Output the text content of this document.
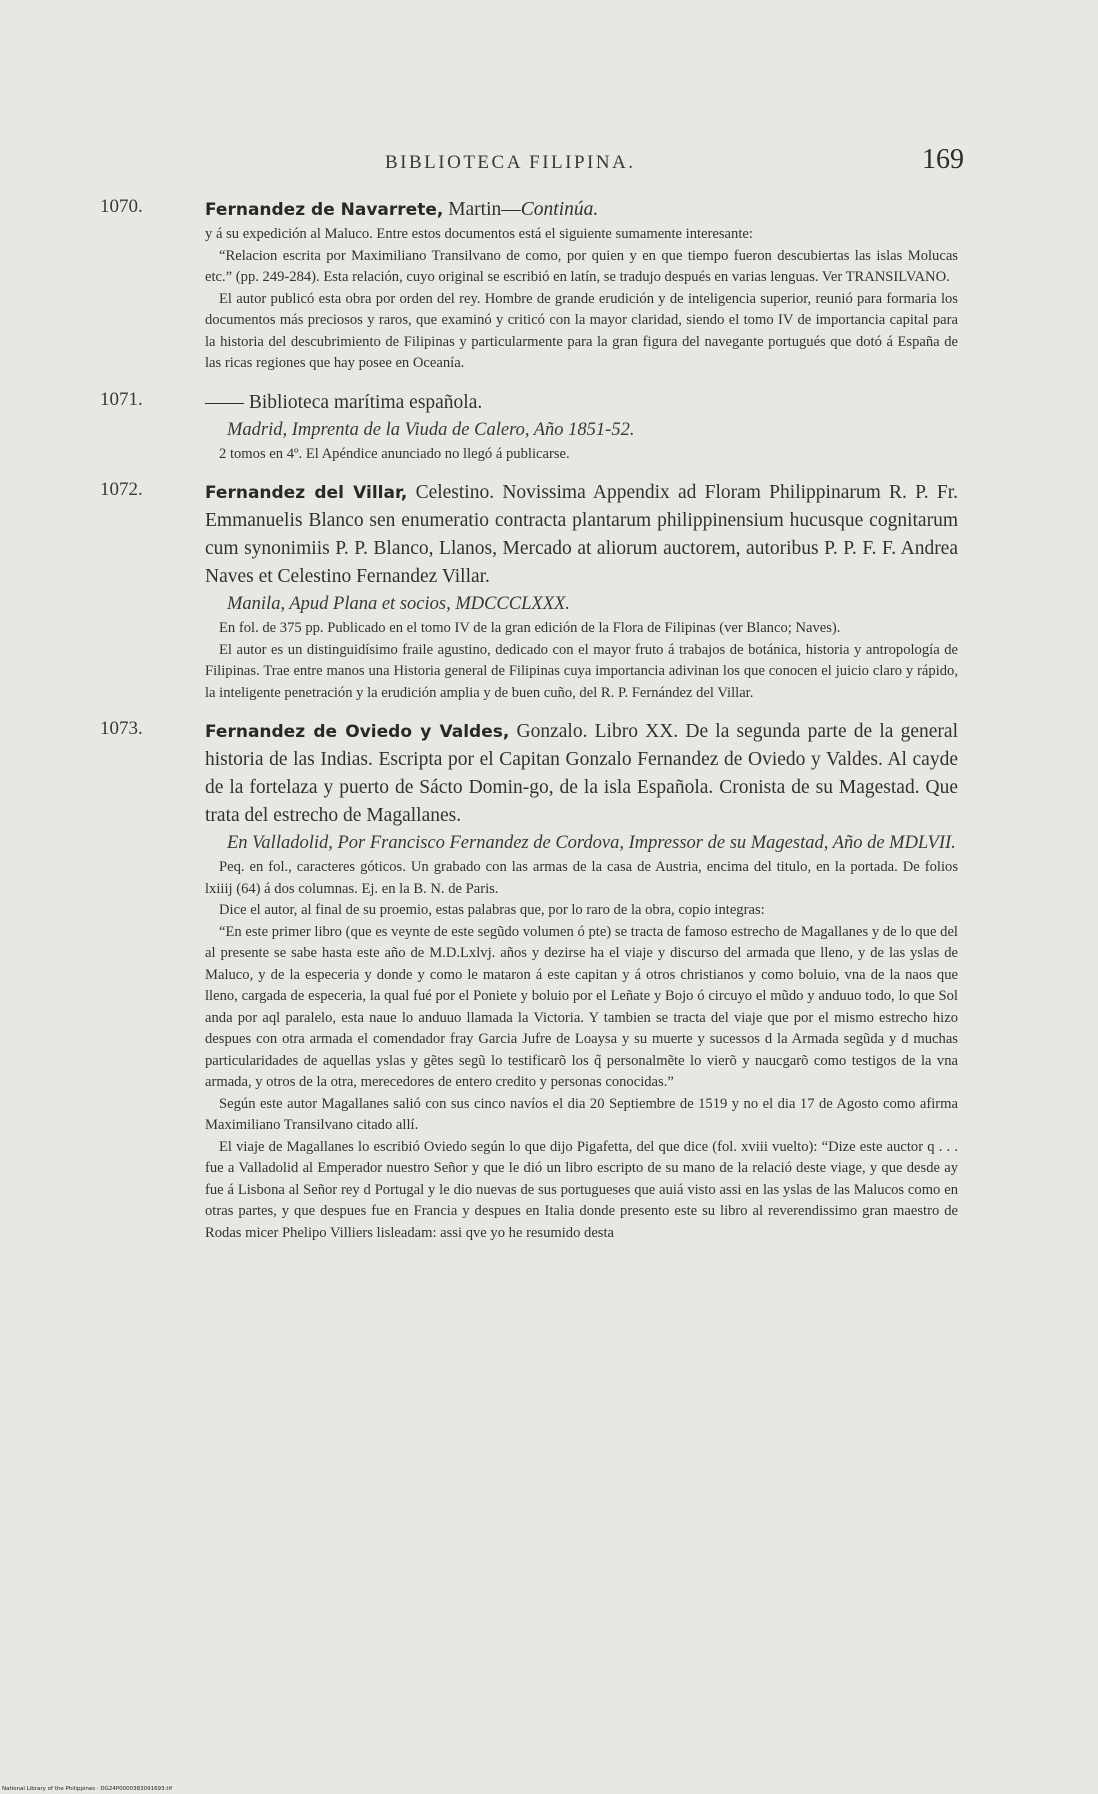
BIBLIOTECA FILIPINA.	169
1070.	Fernandez de Navarrete, Martin—Continúa.

y á su expedición al Maluco. Entre estos documentos está el siguiente sumamente interesante:

“Relacion escrita por Maximiliano Transilvano de como, por quien y en que tiempo fueron descubiertas las islas Molucas etc.” (pp. 249-284). Esta relación, cuyo original se escribió en latín, se tradujo después en varias lenguas. Ver TRANSILVANO.

El autor publicó esta obra por orden del rey. Hombre de grande erudición y de inteligencia superior, reunió para formaria los documentos más preciosos y raros, que examinó y criticó con la mayor claridad, siendo el tomo IV de importancia capital para la historia del descubrimiento de Filipinas y particularmente para la gran figura del navegante portugués que dotó á España de las ricas regiones que hay posee en Oceanía.

1071.	—— Biblioteca marítima española.
Madrid, Imprenta de la Viuda de Calero, Año 1851-52.

2 tomos en 4º. El Apéndice anunciado no llegó á publicarse.

1072.	Fernandez del Villar, Celestino. Novissima Appendix ad Floram Philippinarum R. P. Fr. Emmanuelis Blanco sen enumeratio contracta plantarum philippinensium hucusque cognitarum cum synonimiis P. P. Blanco, Llanos, Mercado at aliorum auctorem, autoribus P. P. F. F. Andrea Naves et Celestino Fernandez Villar.
Manila, Apud Plana et socios, MDCCCLXXX.

En fol. de 375 pp. Publicado en el tomo IV de la gran edición de la Flora de Filipinas (ver Blanco; Naves).

El autor es un distinguidísimo fraile agustino, dedicado con el mayor fruto á trabajos de botánica, historia y antropología de Filipinas. Trae entre manos una Historia general de Filipinas cuya importancia adivinan los que conocen el juicio claro y rápido, la inteligente penetración y la erudición amplia y de buen cuño, del R. P. Fernández del Villar.

1073.	Fernandez de Oviedo y Valdes, Gonzalo. Libro XX. De la segunda parte de la general historia de las Indias. Escripta por el Capitan Gonzalo Fernandez de Oviedo y Valdes. Al cayde de la fortelaza y puerto de Sácto Domin-go, de la isla Española. Cronista de su Magestad. Que trata del estrecho de Magallanes.
En Valladolid, Por Francisco Fernandez de Cordova, Impressor de su Magestad, Año de MDLVII.

Peq. en fol., caracteres góticos. Un grabado con las armas de la casa de Austria, encima del titulo, en la portada. De folios lxiiij (64) á dos columnas. Ej. en la B. N. de Paris.

Dice el autor, al final de su proemio, estas palabras que, por lo raro de la obra, copio integras:

“En este primer libro (que es veynte de este segũdo volumen ó pte) se tracta de famoso estrecho de Magallanes y de lo que del al presente se sabe hasta este año de M.D.Lxlvj. años y dezirse ha el viaje y discurso del armada que lleno, y de las yslas de Maluco, y de la especeria y donde y como le mataron á este capitan y á otros christianos y como boluio, vna de la naos que lleno, cargada de especeria, la qual fué por el Poniete y boluio por el Leñate y Bojo ó circuyo el mũdo y anduuo todo, lo que Sol anda por aql paralelo, esta naue lo anduuo llamada la Victoria. Y tambien se tracta del viaje que por el mismo estrecho hizo despues con otra armada el comendador fray Garcia Jufre de Loaysa y su muerte y sucessos d la Armada segũda y d muchas particularidades de aquellas yslas y gẽtes segũ lo testificarõ los q̃ personalmẽte lo vierõ y naucgarõ como testigos de la vna armada, y otros de la otra, merecedores de entero credito y personas conocidas.”

Según este autor Magallanes salió con sus cinco navíos el dia 20 Septiembre de 1519 y no el dia 17 de Agosto como afirma Maximiliano Transilvano citado allí.

El viaje de Magallanes lo escribió Oviedo según lo que dijo Pigafetta, del que dice (fol. xviii vuelto): “Dize este auctor q . . . fue a Valladolid al Emperador nuestro Señor y que le dió un libro escripto de su mano de la relació deste viage, y que desde ay fue á Lisbona al Señor rey d Portugal y le dio nuevas de sus portugueses que auiá visto assi en las yslas de las Malucos como en otras partes, y que despues fue en Francia y despues en Italia donde presento este su libro al reverendissimo gran maestro de Rodas micer Phelipo Villiers lisleadam: assi qve yo he resumido desta

National Library of the Philippines · DG24P0000383091693.tif
